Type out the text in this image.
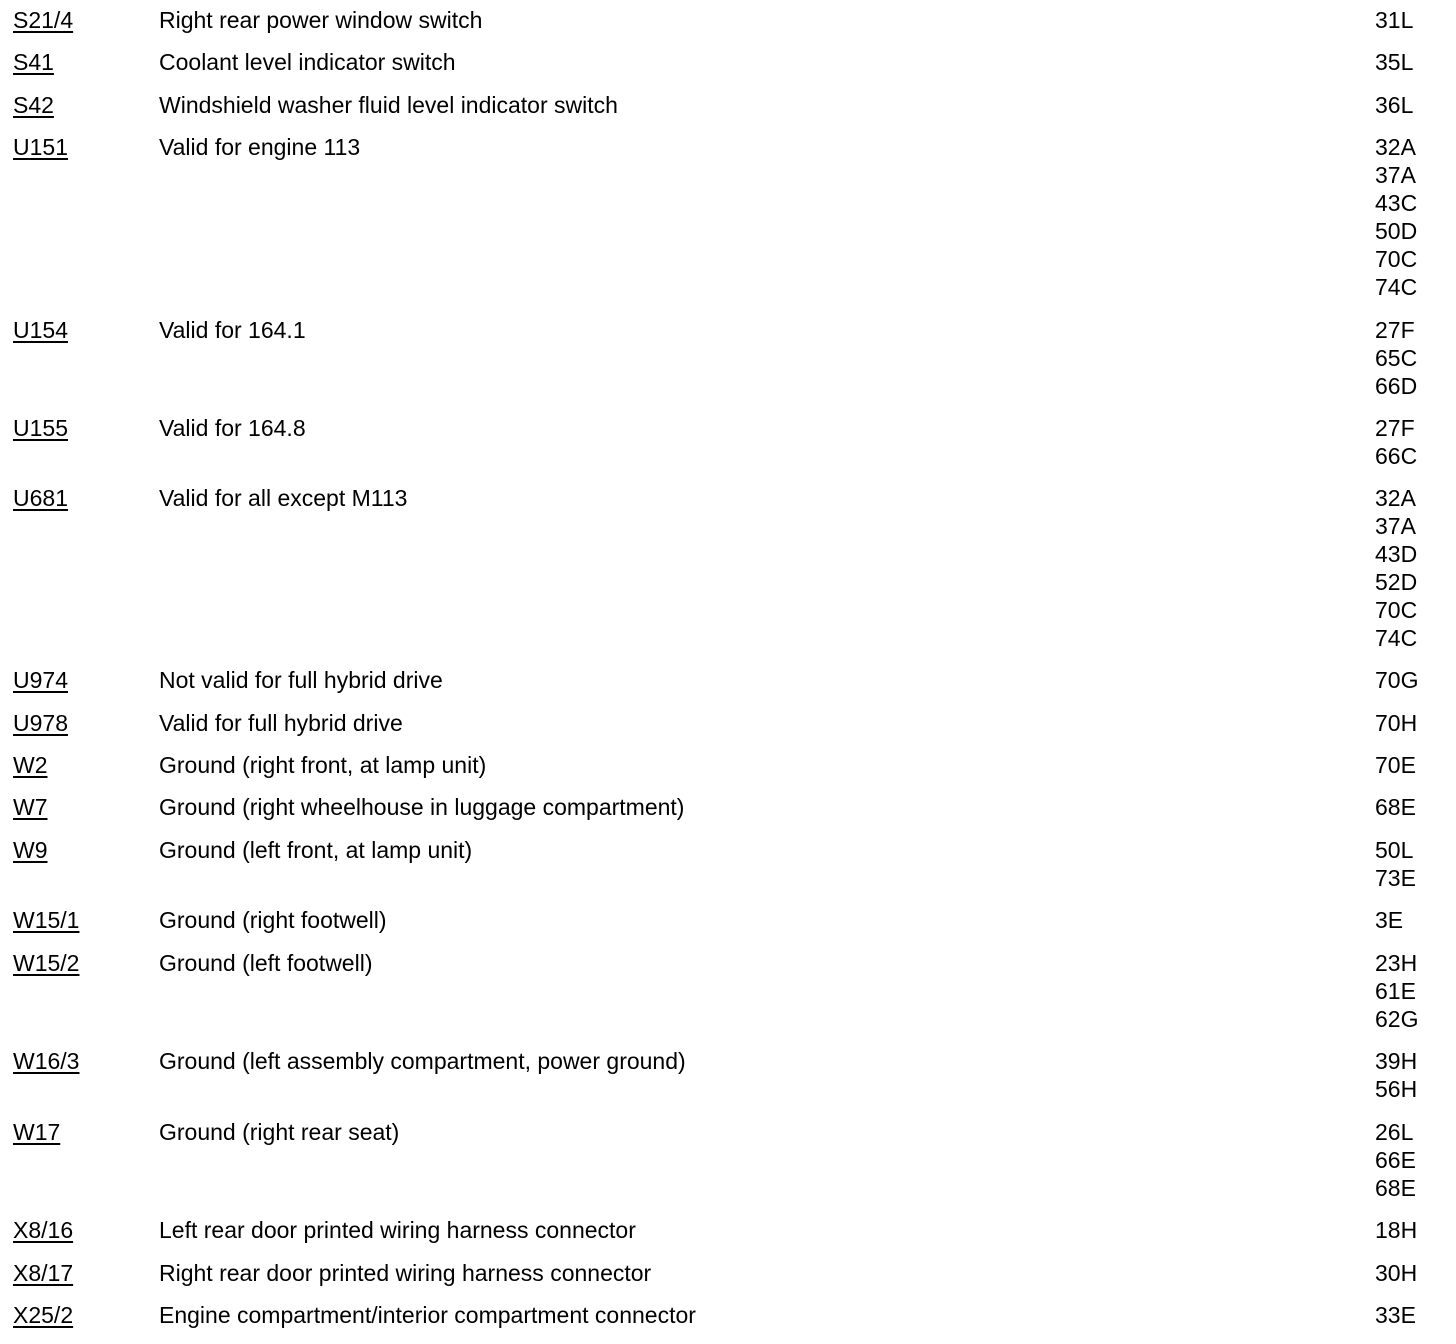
S21/4	Right rear power window switch	31L
S41	Coolant level indicator switch	35L
S42	Windshield washer fluid level indicator switch	36L
U151	Valid for engine 113	32A
37A
43C
50D
70C
74C
U154	Valid for 164.1	27F
65C
66D
U155	Valid for 164.8	27F
66C
U681	Valid for all except M113	32A
37A
43D
52D
70C
74C
U974	Not valid for full hybrid drive	70G
U978	Valid for full hybrid drive	70H
W2	Ground (right front, at lamp unit)	70E
W7	Ground (right wheelhouse in luggage compartment)	68E
W9	Ground (left front, at lamp unit)	50L
73E
W15/1	Ground (right footwell)	3E
W15/2	Ground (left footwell)	23H
61E
62G
W16/3	Ground (left assembly compartment, power ground)	39H
56H
W17	Ground (right rear seat)	26L
66E
68E
X8/16	Left rear door printed wiring harness connector	18H
X8/17	Right rear door printed wiring harness connector	30H
X25/2	Engine compartment/interior compartment connector	33E
